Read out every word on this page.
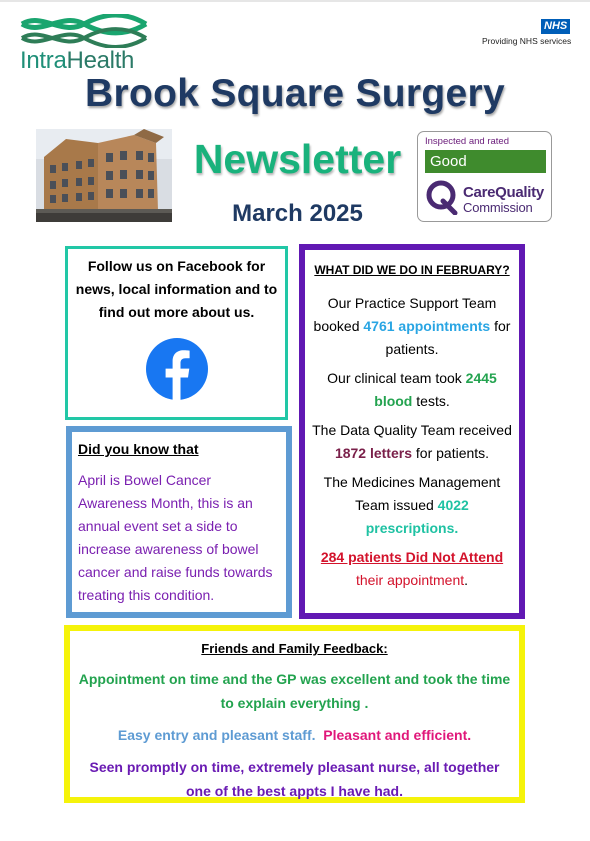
IntraHealth
NHS
Providing NHS services
Brook Square Surgery
Newsletter
March 2025
Inspected and rated
Good
CareQuality
Commission
Follow us on Facebook for news, local information and to find out more about us.
Did you know that
April is Bowel Cancer Awareness Month, this is an annual event set a side to increase awareness of bowel cancer and raise funds towards treating this condition.
WHAT DID WE DO IN FEBRUARY?
Our Practice Support Team booked 4761 appointments for patients.
Our clinical team took 2445 blood tests.
The Data Quality Team received 1872 letters for patients.
The Medicines Management Team issued 4022 prescriptions.
284 patients Did Not Attend
their appointment.
Friends and Family Feedback:
Appointment on time and the GP was excellent and took the time to explain everything .
Easy entry and pleasant staff. Pleasant and efficient.
Seen promptly on time, extremely pleasant nurse, all together one of the best appts I have had.
